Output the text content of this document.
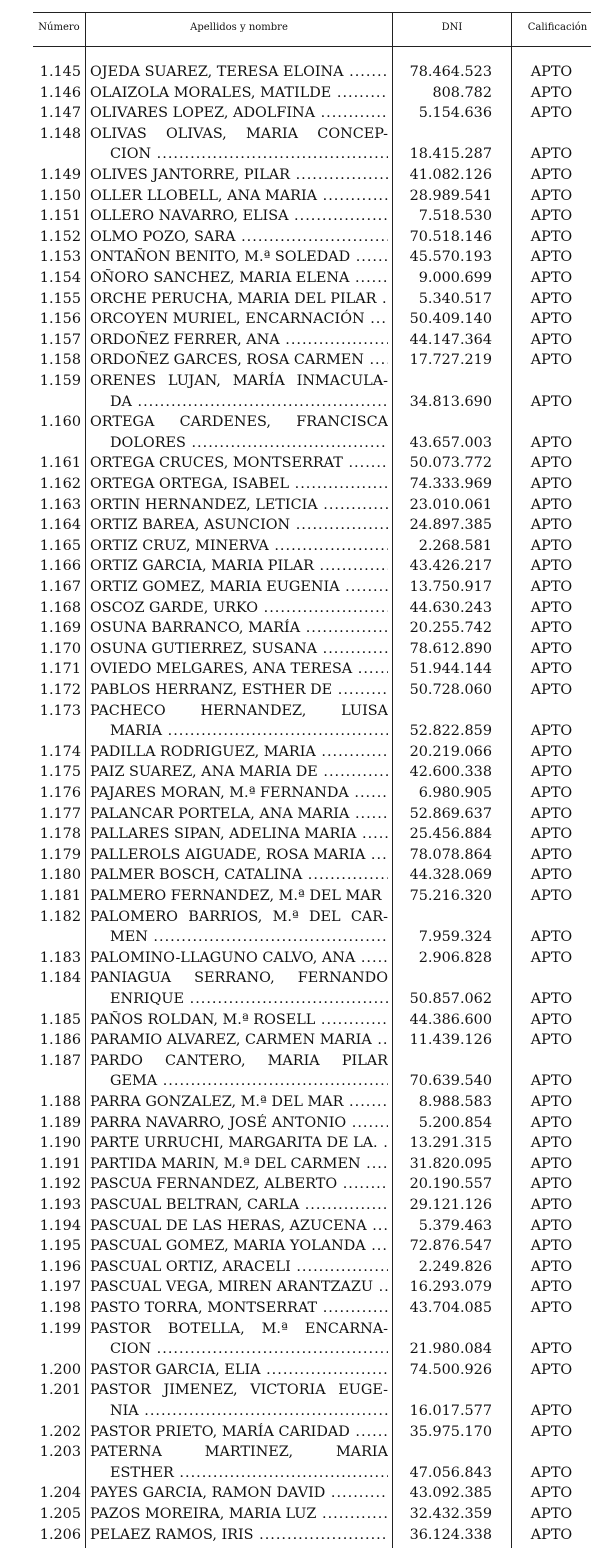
Número	Apellidos y nombre	DNI	Calificación
1.145 OJEDA SUAREZ, TERESA ELOINA .....	78.464.523	APTO
1.146 OLAIZOLA MORALES, MATILDE .....	808.782	APTO
1.147 OLIVARES LOPEZ, ADOLFINA .....	5.154.636	APTO
1.148 OLIVAS OLIVAS, MARIA CONCEP-
CION .....	18.415.287	APTO
1.149 OLIVES JANTORRE, PILAR .....	41.082.126	APTO
1.150 OLLER LLOBELL, ANA MARIA .....	28.989.541	APTO
1.151 OLLERO NAVARRO, ELISA .....	7.518.530	APTO
1.152 OLMO POZO, SARA .....	70.518.146	APTO
1.153 ONTAÑON BENITO, M.ª SOLEDAD .....	45.570.193	APTO
1.154 OÑORO SANCHEZ, MARIA ELENA .....	9.000.699	APTO
1.155 ORCHE PERUCHA, MARIA DEL PILAR .....	5.340.517	APTO
1.156 ORCOYEN MURIEL, ENCARNACIÓN .....	50.409.140	APTO
1.157 ORDOÑEZ FERRER, ANA .....	44.147.364	APTO
1.158 ORDOÑEZ GARCES, ROSA CARMEN .....	17.727.219	APTO
1.159 ORENES LUJAN, MARÍA INMACULA-
DA .....	34.813.690	APTO
1.160 ORTEGA CARDENES, FRANCISCA
DOLORES .....	43.657.003	APTO
1.161 ORTEGA CRUCES, MONTSERRAT .....	50.073.772	APTO
1.162 ORTEGA ORTEGA, ISABEL .....	74.333.969	APTO
1.163 ORTIN HERNANDEZ, LETICIA .....	23.010.061	APTO
1.164 ORTIZ BAREA, ASUNCION .....	24.897.385	APTO
1.165 ORTIZ CRUZ, MINERVA .....	2.268.581	APTO
1.166 ORTIZ GARCIA, MARIA PILAR .....	43.426.217	APTO
1.167 ORTIZ GOMEZ, MARIA EUGENIA .....	13.750.917	APTO
1.168 OSCOZ GARDE, URKO .....	44.630.243	APTO
1.169 OSUNA BARRANCO, MARÍA .....	20.255.742	APTO
1.170 OSUNA GUTIERREZ, SUSANA .....	78.612.890	APTO
1.171 OVIEDO MELGARES, ANA TERESA .....	51.944.144	APTO
1.172 PABLOS HERRANZ, ESTHER DE .....	50.728.060	APTO
1.173 PACHECO HERNANDEZ, LUISA
MARIA .....	52.822.859	APTO
1.174 PADILLA RODRIGUEZ, MARIA .....	20.219.066	APTO
1.175 PAIZ SUAREZ, ANA MARIA DE .....	42.600.338	APTO
1.176 PAJARES MORAN, M.ª FERNANDA .....	6.980.905	APTO
1.177 PALANCAR PORTELA, ANA MARIA .....	52.869.637	APTO
1.178 PALLARES SIPAN, ADELINA MARIA .....	25.456.884	APTO
1.179 PALLEROLS AIGUADE, ROSA MARIA .....	78.078.864	APTO
1.180 PALMER BOSCH, CATALINA .....	44.328.069	APTO
1.181 PALMERO FERNANDEZ, M.ª DEL MAR .....	75.216.320	APTO
1.182 PALOMERO BARRIOS, M.ª DEL CAR-
MEN .....	7.959.324	APTO
1.183 PALOMINO-LLAGUNO CALVO, ANA .....	2.906.828	APTO
1.184 PANIAGUA SERRANO, FERNANDO
ENRIQUE .....	50.857.062	APTO
1.185 PAÑOS ROLDAN, M.ª ROSELL .....	44.386.600	APTO
1.186 PARAMIO ALVAREZ, CARMEN MARIA .....	11.439.126	APTO
1.187 PARDO CANTERO, MARIA PILAR
GEMA .....	70.639.540	APTO
1.188 PARRA GONZALEZ, M.ª DEL MAR .....	8.988.583	APTO
1.189 PARRA NAVARRO, JOSÉ ANTONIO .....	5.200.854	APTO
1.190 PARTE URRUCHI, MARGARITA DE LA. .....	13.291.315	APTO
1.191 PARTIDA MARIN, M.ª DEL CARMEN .....	31.820.095	APTO
1.192 PASCUA FERNANDEZ, ALBERTO .....	20.190.557	APTO
1.193 PASCUAL BELTRAN, CARLA .....	29.121.126	APTO
1.194 PASCUAL DE LAS HERAS, AZUCENA .....	5.379.463	APTO
1.195 PASCUAL GOMEZ, MARIA YOLANDA .....	72.876.547	APTO
1.196 PASCUAL ORTIZ, ARACELI .....	2.249.826	APTO
1.197 PASCUAL VEGA, MIREN ARANTZAZU .....	16.293.079	APTO
1.198 PASTO TORRA, MONTSERRAT .....	43.704.085	APTO
1.199 PASTOR BOTELLA, M.ª ENCARNA-
CION .....	21.980.084	APTO
1.200 PASTOR GARCIA, ELIA .....	74.500.926	APTO
1.201 PASTOR JIMENEZ, VICTORIA EUGE-
NIA .....	16.017.577	APTO
1.202 PASTOR PRIETO, MARÍA CARIDAD .....	35.975.170	APTO
1.203 PATERNA MARTINEZ, MARIA
ESTHER .....	47.056.843	APTO
1.204 PAYES GARCIA, RAMON DAVID .....	43.092.385	APTO
1.205 PAZOS MOREIRA, MARIA LUZ .....	32.432.359	APTO
1.206 PELAEZ RAMOS, IRIS .....	36.124.338	APTO
